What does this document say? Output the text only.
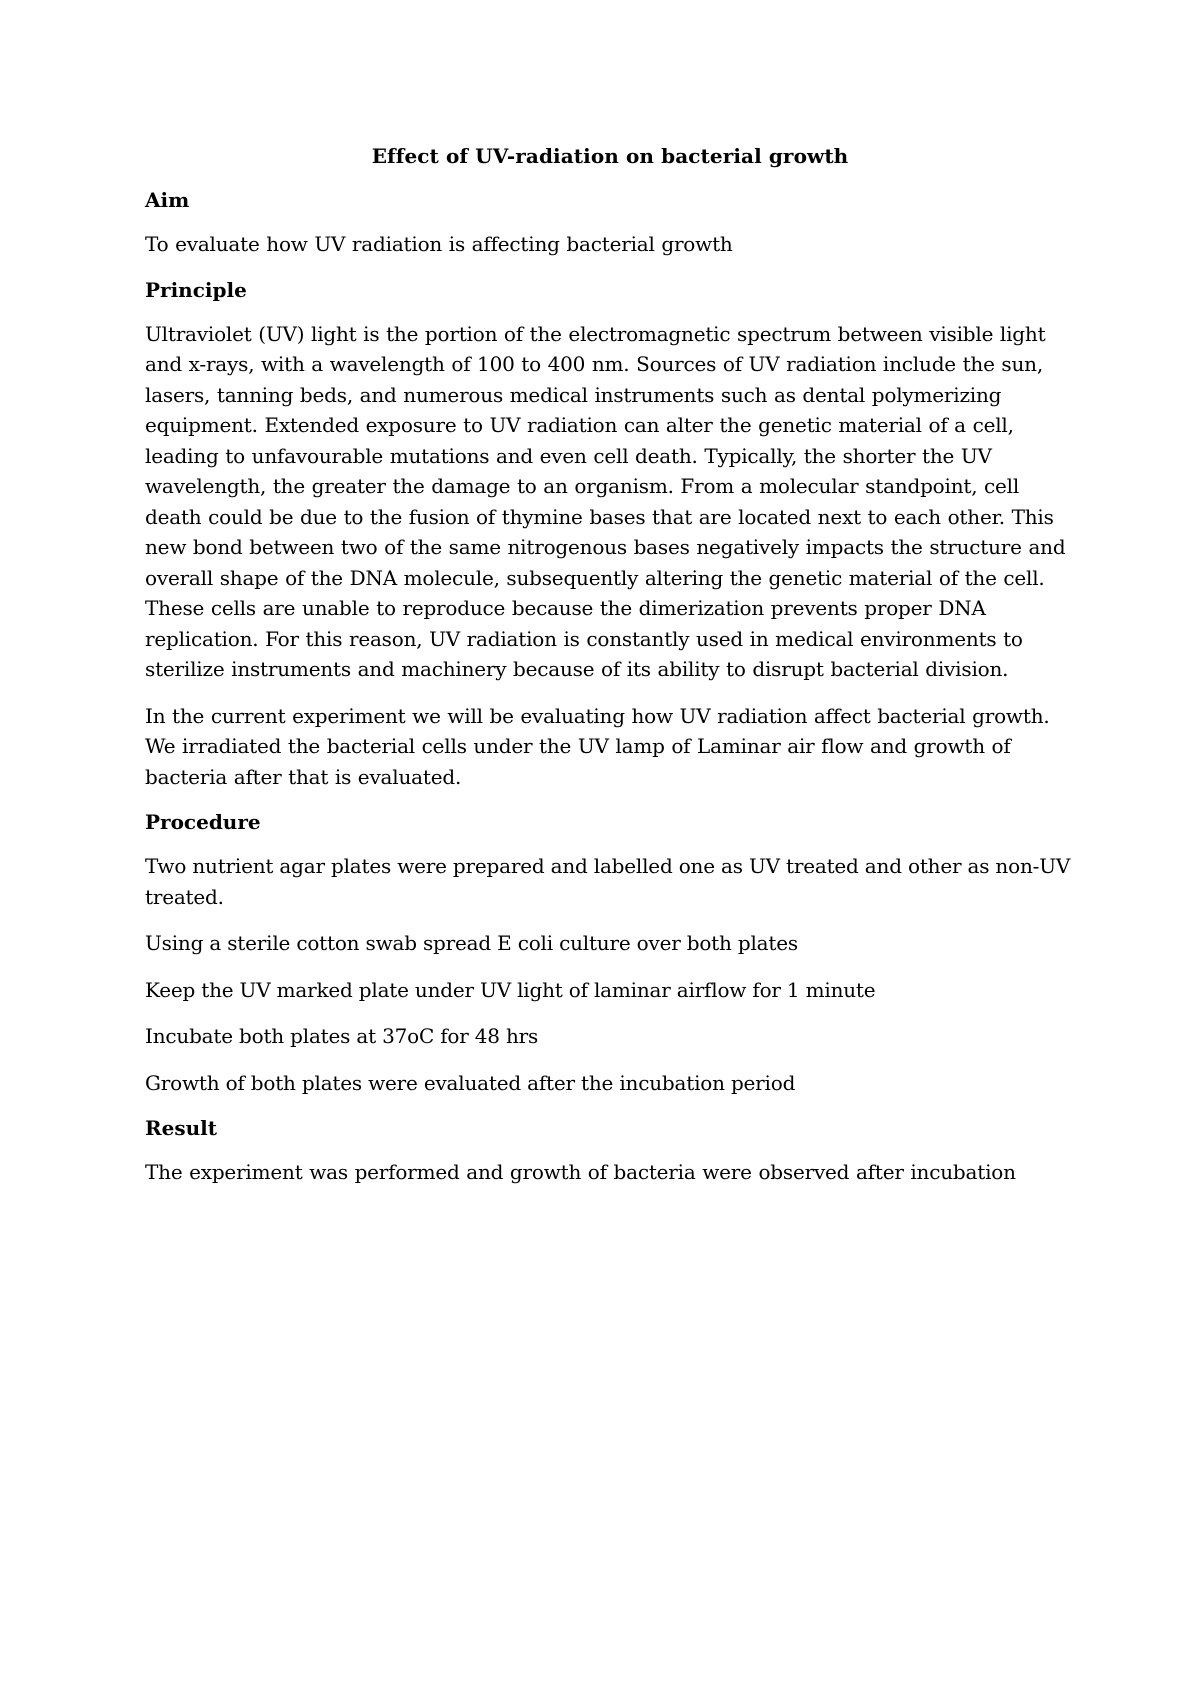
Effect of UV-radiation on bacterial growth
Aim

To evaluate how UV radiation is affecting bacterial growth

Principle

Ultraviolet (UV) light is the portion of the electromagnetic spectrum between visible light and x-rays, with a wavelength of 100 to 400 nm. Sources of UV radiation include the sun, lasers, tanning beds, and numerous medical instruments such as dental polymerizing equipment. Extended exposure to UV radiation can alter the genetic material of a cell, leading to unfavourable mutations and even cell death. Typically, the shorter the UV wavelength, the greater the damage to an organism. From a molecular standpoint, cell death could be due to the fusion of thymine bases that are located next to each other. This new bond between two of the same nitrogenous bases negatively impacts the structure and overall shape of the DNA molecule, subsequently altering the genetic material of the cell. These cells are unable to reproduce because the dimerization prevents proper DNA replication. For this reason, UV radiation is constantly used in medical environments to sterilize instruments and machinery because of its ability to disrupt bacterial division.

In the current experiment we will be evaluating how UV radiation affect bacterial growth. We irradiated the bacterial cells under the UV lamp of Laminar air flow and growth of bacteria after that is evaluated.

Procedure

Two nutrient agar plates were prepared and labelled one as UV treated and other as non-UV treated.

Using a sterile cotton swab spread E coli culture over both plates

Keep the UV marked plate under UV light of laminar airflow for 1 minute

Incubate both plates at 37oC for 48 hrs

Growth of both plates were evaluated after the incubation period

Result

The experiment was performed and growth of bacteria were observed after incubation
